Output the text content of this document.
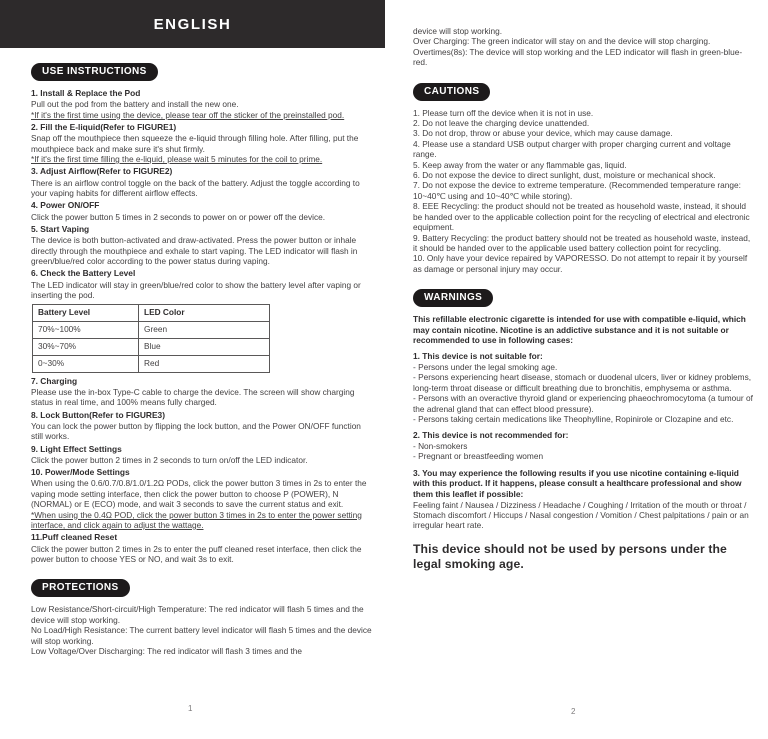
ENGLISH
USE INSTRUCTIONS

1. Install & Replace the Pod

Pull out the pod from the battery and install the new one.

*If it's the first time using the device, please tear off the sticker of the preinstalled pod.

2. Fill the E-liquid(Refer to FIGURE1)

Snap off the mouthpiece then squeeze the e-liquid through filling hole. After filling, put the mouthpiece back and make sure it's shut firmly.

*If it's the first time filling the e-liquid, please wait 5 minutes for the coil to prime.

3. Adjust Airflow(Refer to FIGURE2)

There is an airflow control toggle on the back of the battery. Adjust the toggle according to your vaping habits for different airflow effects.

4. Power ON/OFF

Click the power button 5 times in 2 seconds to power on or power off the device.

5. Start Vaping

The device is both button-activated and draw-activated. Press the power button or inhale directly through the mouthpiece and exhale to start vaping. The LED indicator will flash in green/blue/red color according to the power status during vaping.

6. Check the Battery Level

The LED indicator will stay in green/blue/red color to show the battery level after vaping or inserting the pod.

Battery Level	LED Color
70%~100%	Green
30%~70%	Blue
0~30%	Red

7. Charging

Please use the in-box Type-C cable to charge the device. The screen will show charging status in real time, and 100% means fully charged.

8. Lock Button(Refer to FIGURE3)

You can lock the power button by flipping the lock button, and the Power ON/OFF function still works.

9. Light Effect Settings

Click the power button 2 times in 2 seconds to turn on/off the LED indicator.

10. Power/Mode Settings

When using the 0.6/0.7/0.8/1.0/1.2Ω PODs, click the power button 3 times in 2s to enter the vaping mode setting interface, then click the power button to choose P (POWER), N (NORMAL) or E (ECO) mode, and wait 3 seconds to save the current status and exit.

*When using the 0.4Ω POD, click the power button 3 times in 2s to enter the power setting interface, and click again to adjust the wattage.

11.Puff cleaned Reset

Click the power button 2 times in 2s to enter the puff cleaned reset interface, then click the power button to choose YES or NO, and wait 3s to exit.

PROTECTIONS

Low Resistance/Short-circuit/High Temperature: The red indicator will flash 5 times and the device will stop working.

No Load/High Resistance: The current battery level indicator will flash 5 times and the device will stop working.

Low Voltage/Over Discharging: The red indicator will flash 3 times and the

device will stop working.

Over Charging: The green indicator will stay on and the device will stop charging.

Overtimes(8s): The device will stop working and the LED indicator will flash in green-blue-red.

CAUTIONS

1. Please turn off the device when it is not in use.

2. Do not leave the charging device unattended.

3. Do not drop, throw or abuse your device, which may cause damage.

4. Please use a standard USB output charger with proper charging current and voltage range.

5. Keep away from the water or any flammable gas, liquid.

6. Do not expose the device to direct sunlight, dust, moisture or mechanical shock.

7. Do not expose the device to extreme temperature. (Recommended temperature range: 10~40℃ using and 10~40℃ while storing).

8. EEE Recycling: the product should not be treated as household waste, instead, it should be handed over to the applicable collection point for the recycling of electrical and electronic equipment.

9. Battery Recycling: the product battery should not be treated as household waste, instead, it should be handed over to the applicable used battery collection point for recycling.

10. Only have your device repaired by VAPORESSO. Do not attempt to repair it by yourself as damage or personal injury may occur.

WARNINGS

This refillable electronic cigarette is intended for use with compatible e-liquid, which may contain nicotine. Nicotine is an addictive substance and it is not suitable or recommended to use in following cases:

1. This device is not suitable for:

- Persons under the legal smoking age.

- Persons experiencing heart disease, stomach or duodenal ulcers, liver or kidney problems, long-term throat disease or difficult breathing due to bronchitis, emphysema or asthma.

- Persons with an overactive thyroid gland or experiencing phaeochromocytoma (a tumour of the adrenal gland that can effect blood pressure).

- Persons taking certain medications like Theophylline, Ropinirole or Clozapine and etc.

2. This device is not recommended for:

- Non-smokers

- Pregnant or breastfeeding women

3. You may experience the following results if you use nicotine containing e-liquid with this product. If it happens, please consult a healthcare professional and show them this leaflet if possible:

Feeling faint / Nausea / Dizziness / Headache / Coughing / Irritation of the mouth or throat / Stomach discomfort / Hiccups / Nasal congestion / Vomition / Chest palpitations / pain or an irregular heart rate.

This device should not be used by persons under the legal smoking age.

1	2
